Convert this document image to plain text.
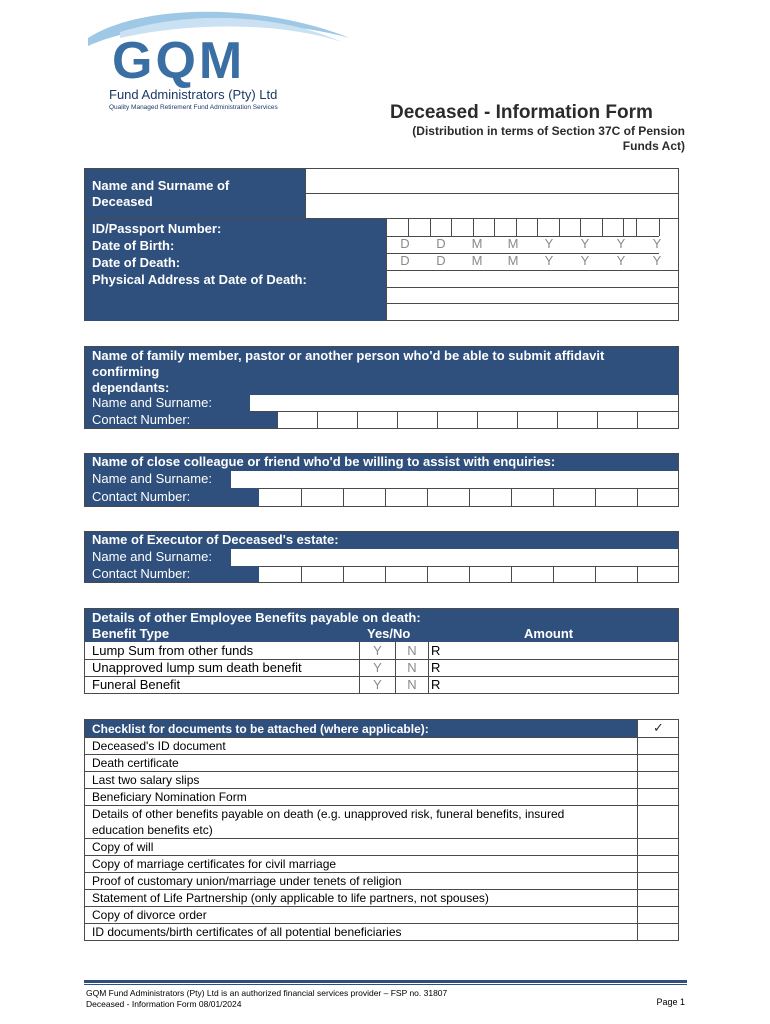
GQM
Fund Administrators (Pty) Ltd
Quality Managed Retirement Fund Administration Services	Deceased - Information Form
(Distribution in terms of Section 37C of Pension
Funds Act)
Name and Surname of
Deceased
ID/Passport Number:
Date of Birth:
Date of Death:
Physical Address at Date of Death:
D	D	M	M	Y	Y	Y	Y
D	D	M	M	Y	Y	Y	Y
Name of family member, pastor or another person who'd be able to submit affidavit
confirming
dependants:
Name and Surname:
Contact Number:
Name of close colleague or friend who'd be willing to assist with enquiries:
Name and Surname:
Contact Number:
Name of Executor of Deceased's estate:
Name and Surname:
Contact Number:
Details of other Employee Benefits payable on death:
Benefit Type	Yes/No	Amount
Lump Sum from other funds	Y	N	R
Unapproved lump sum death benefit	Y	N	R
Funeral Benefit	Y	N	R
Checklist for documents to be attached (where applicable):	✓
Deceased's ID document
Death certificate
Last two salary slips
Beneficiary Nomination Form
Details of other benefits payable on death (e.g. unapproved risk, funeral benefits, insured
education benefits etc)
Copy of will
Copy of marriage certificates for civil marriage
Proof of customary union/marriage under tenets of religion
Statement of Life Partnership (only applicable to life partners, not spouses)
Copy of divorce order
ID documents/birth certificates of all potential beneficiaries
GQM Fund Administrators (Pty) Ltd is an authorized financial services provider – FSP no. 31807
Deceased - Information Form 08/01/2024	Page 1
